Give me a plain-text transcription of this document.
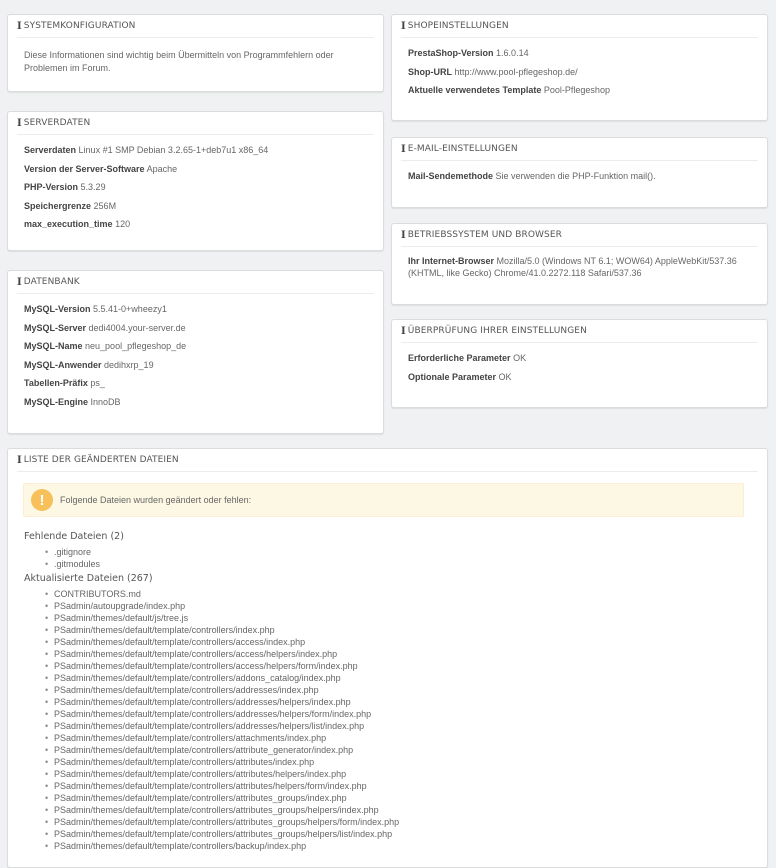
I SYSTEMKONFIGURATION
Diese Informationen sind wichtig beim Übermitteln von Programmfehlern oder Problemen im Forum.
I SHOPEINSTELLUNGEN
PrestaShop-Version 1.6.0.14
Shop-URL http://www.pool-pflegeshop.de/
Aktuelle verwendetes Template Pool-Pflegeshop
I SERVERDATEN
Serverdaten Linux #1 SMP Debian 3.2.65-1+deb7u1 x86_64
Version der Server-Software Apache
PHP-Version 5.3.29
Speichergrenze 256M
max_execution_time 120
I E-MAIL-EINSTELLUNGEN
Mail-Sendemethode Sie verwenden die PHP-Funktion mail().
I BETRIEBSSYSTEM UND BROWSER
Ihr Internet-Browser Mozilla/5.0 (Windows NT 6.1; WOW64) AppleWebKit/537.36 (KHTML, like Gecko) Chrome/41.0.2272.118 Safari/537.36
I DATENBANK
MySQL-Version 5.5.41-0+wheezy1
MySQL-Server dedi4004.your-server.de
MySQL-Name neu_pool_pflegeshop_de
MySQL-Anwender dedihxrp_19
Tabellen-Präfix ps_
MySQL-Engine InnoDB
I ÜBERPRÜFUNG IHRER EINSTELLUNGEN
Erforderliche Parameter OK
Optionale Parameter OK
I LISTE DER GEÄNDERTEN DATEIEN
!	Folgende Dateien wurden geändert oder fehlen:
Fehlende Dateien (2)
• .gitignore
• .gitmodules
Aktualisierte Dateien (267)
• CONTRIBUTORS.md
• PSadmin/autoupgrade/index.php
• PSadmin/themes/default/js/tree.js
• PSadmin/themes/default/template/controllers/index.php
• PSadmin/themes/default/template/controllers/access/index.php
• PSadmin/themes/default/template/controllers/access/helpers/index.php
• PSadmin/themes/default/template/controllers/access/helpers/form/index.php
• PSadmin/themes/default/template/controllers/addons_catalog/index.php
• PSadmin/themes/default/template/controllers/addresses/index.php
• PSadmin/themes/default/template/controllers/addresses/helpers/index.php
• PSadmin/themes/default/template/controllers/addresses/helpers/form/index.php
• PSadmin/themes/default/template/controllers/addresses/helpers/list/index.php
• PSadmin/themes/default/template/controllers/attachments/index.php
• PSadmin/themes/default/template/controllers/attribute_generator/index.php
• PSadmin/themes/default/template/controllers/attributes/index.php
• PSadmin/themes/default/template/controllers/attributes/helpers/index.php
• PSadmin/themes/default/template/controllers/attributes/helpers/form/index.php
• PSadmin/themes/default/template/controllers/attributes_groups/index.php
• PSadmin/themes/default/template/controllers/attributes_groups/helpers/index.php
• PSadmin/themes/default/template/controllers/attributes_groups/helpers/form/index.php
• PSadmin/themes/default/template/controllers/attributes_groups/helpers/list/index.php
• PSadmin/themes/default/template/controllers/backup/index.php
